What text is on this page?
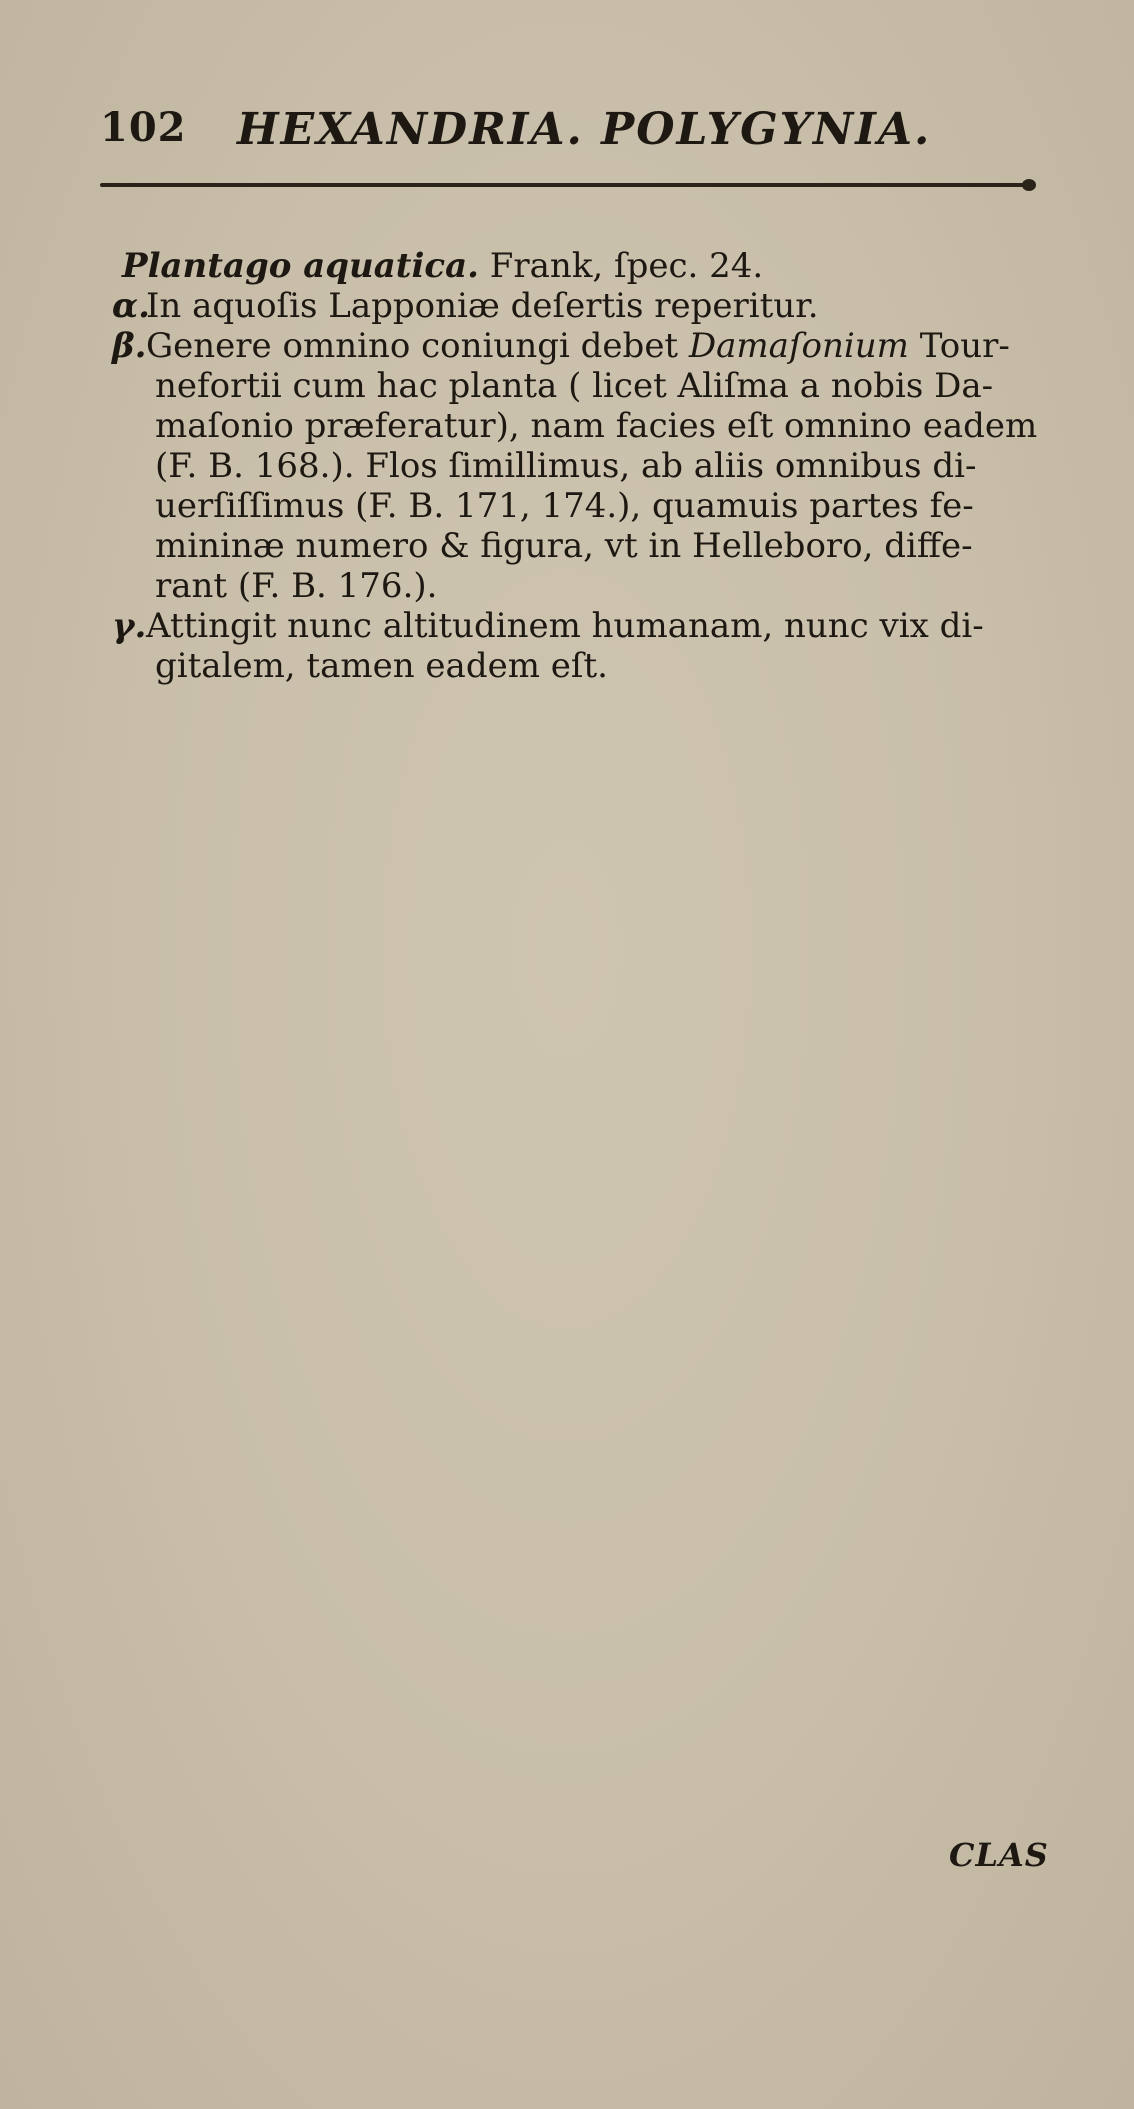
102 HEXANDRIA. POLYGYNIA.
Plantago aquatica. Frank, ſpec. 24.
α.In aquoſis Lapponiæ deſertis reperitur.
β.Genere omnino coniungi debet Damaſonium Tour-
nefortii cum hac planta ( licet Aliſma a nobis Da-
maſonio præferatur), nam facies eſt omnino eadem
(F. B. 168.). Flos ſimillimus, ab aliis omnibus di-
uerſiſſimus (F. B. 171, 174.), quamuis partes fe-
mininæ numero & figura, vt in Helleboro, diffe-
rant (F. B. 176.).
γ.Attingit nunc altitudinem humanam, nunc vix di-
gitalem, tamen eadem eſt.
CLAS
